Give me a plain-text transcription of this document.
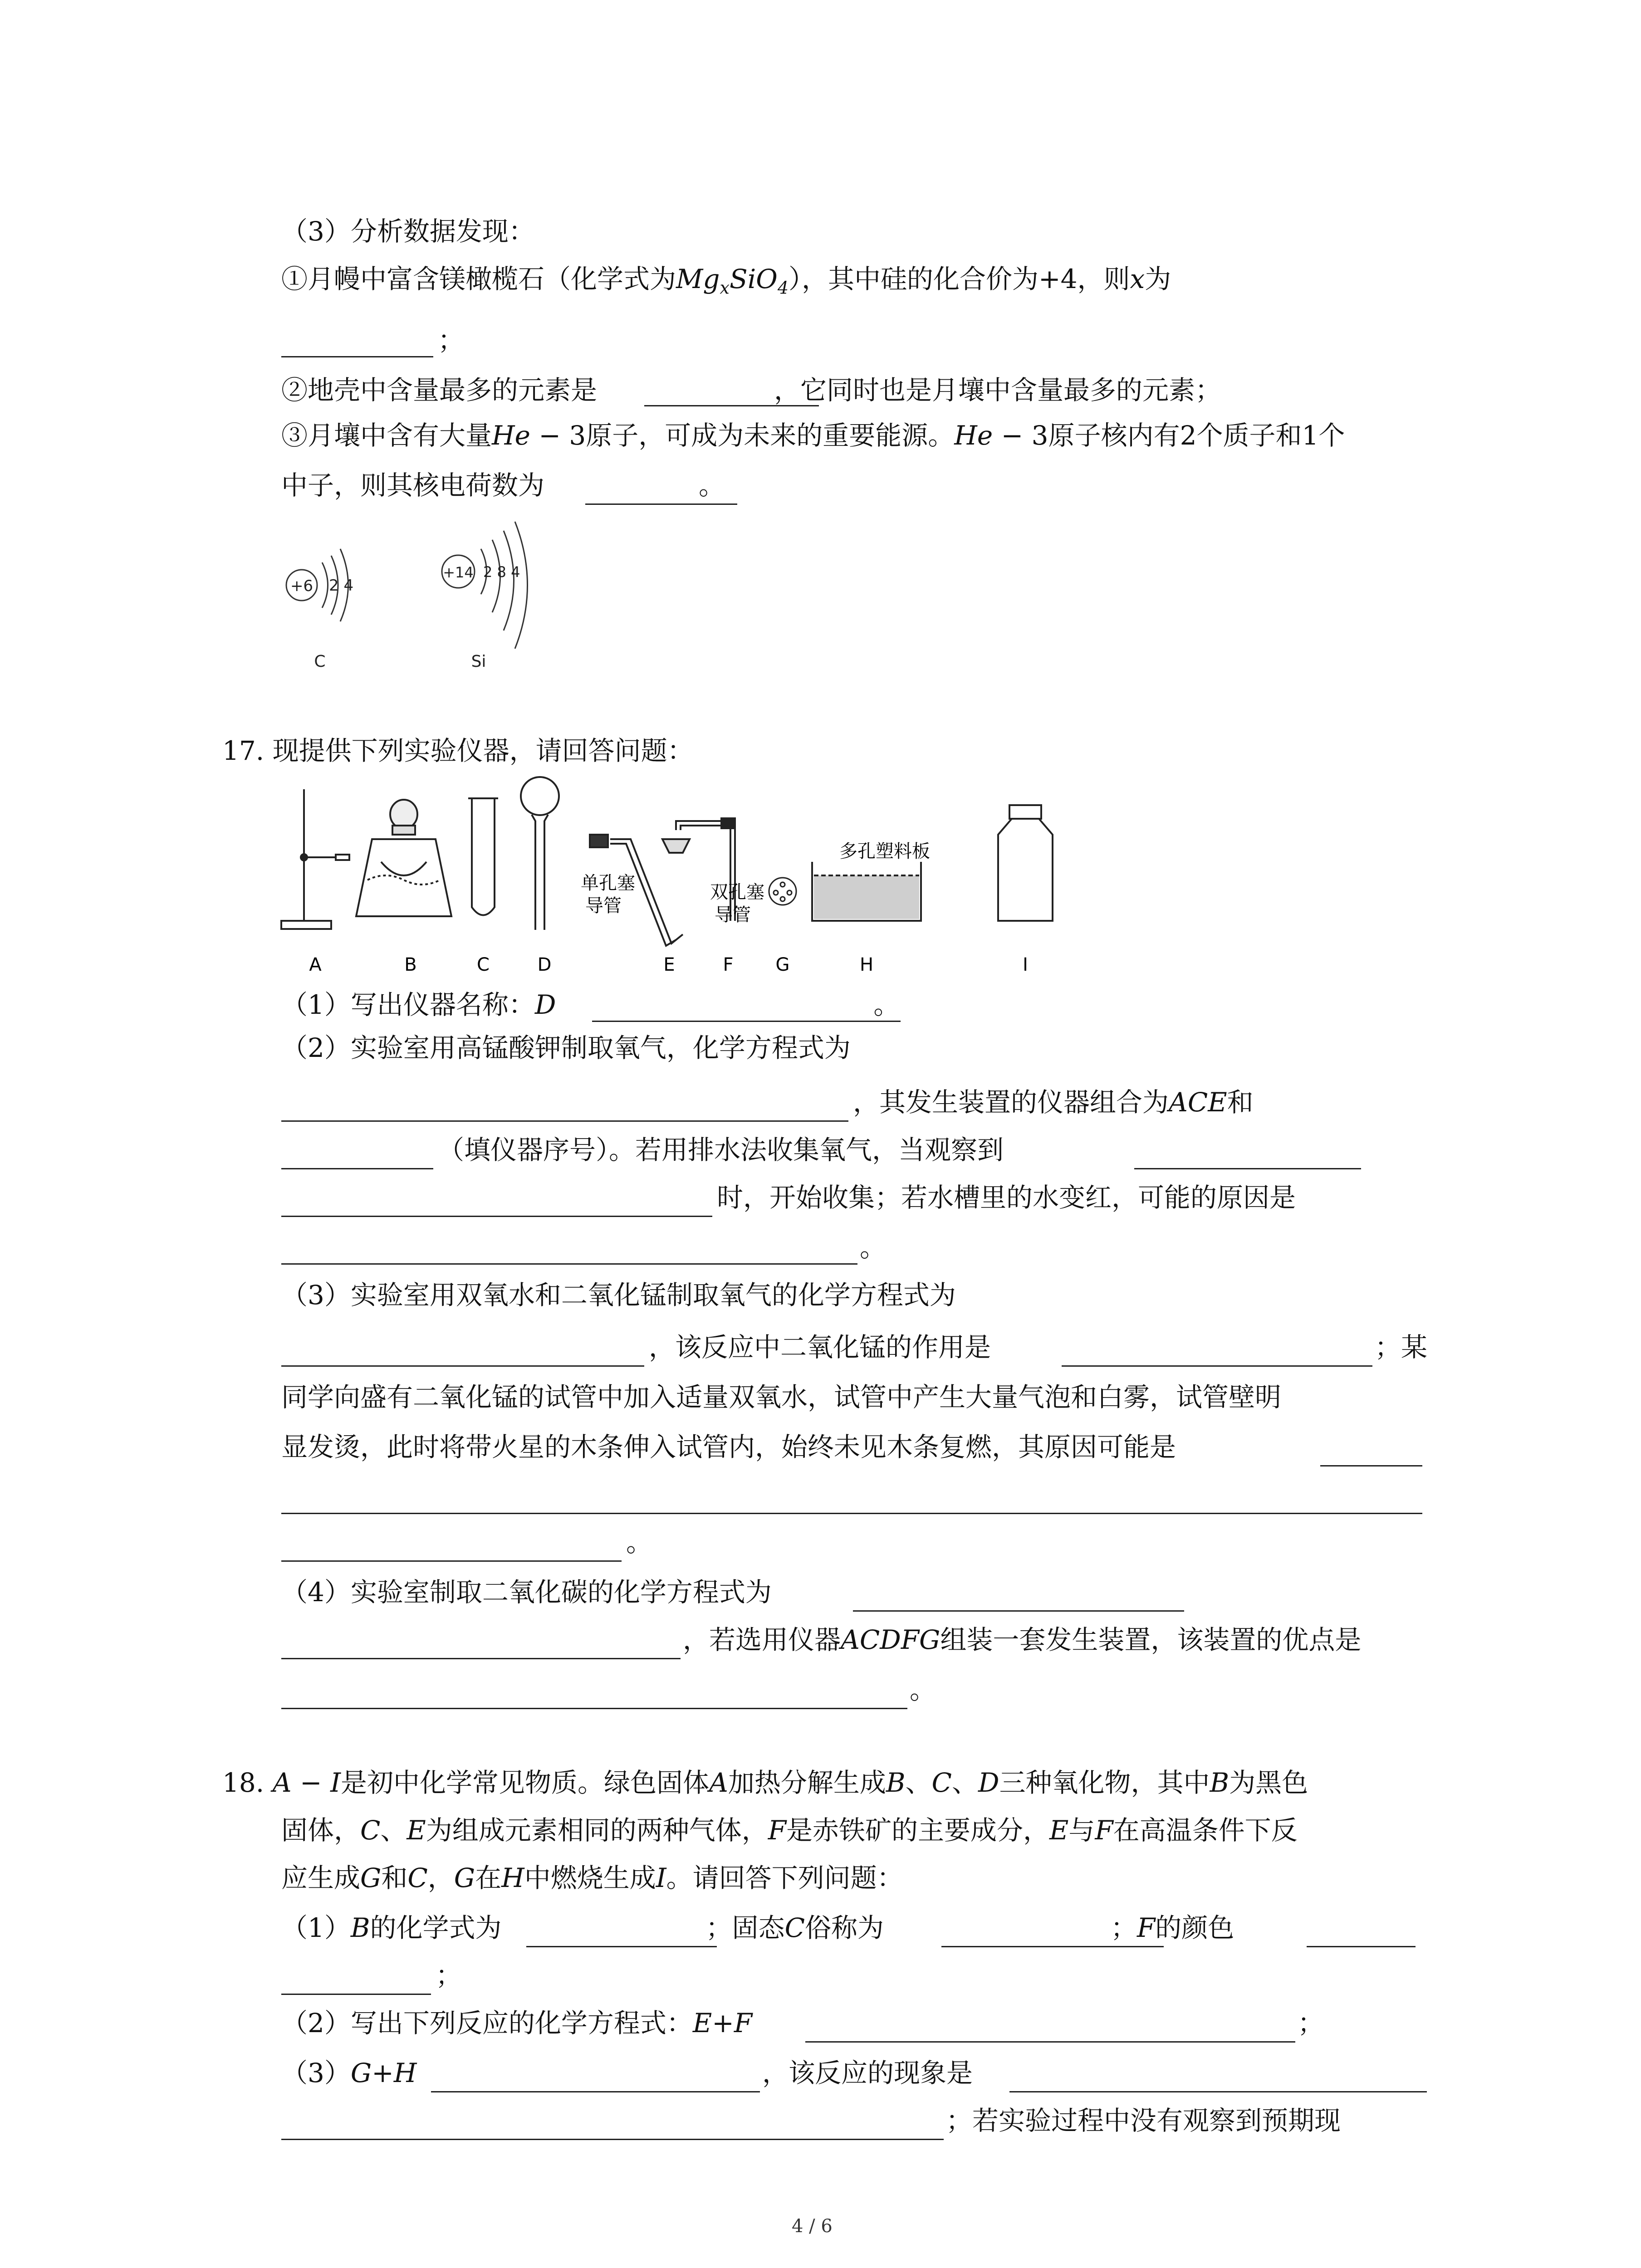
（3）分析数据发现：
①月幔中富含镁橄榄石（化学式为$Mg_xSiO_4$），其中硅的化合价为+4，则x为
；
②地壳中含量最多的元素是	，它同时也是月壤中含量最多的元素；
③月壤中含有大量He − 3原子，可成为未来的重要能源。He − 3原子核内有2个质子和1个
中子，则其核电荷数为	。
+6 2 4
C
+14 2 8 4
Si
17. 现提供下列实验仪器，请回答问题：
A	B	C	D	E	F G	H	I
单孔塞
导管
双孔塞
导管
多孔塑料板
（1）写出仪器名称：D	。
（2）实验室用高锰酸钾制取氧气，化学方程式为
，其发生装置的仪器组合为ACE和
（填仪器序号）。若用排水法收集氧气，当观察到
时，开始收集；若水槽里的水变红，可能的原因是
。
（3）实验室用双氧水和二氧化锰制取氧气的化学方程式为
，该反应中二氧化锰的作用是	；某
同学向盛有二氧化锰的试管中加入适量双氧水，试管中产生大量气泡和白雾，试管壁明
显发烫，此时将带火星的木条伸入试管内，始终未见木条复燃，其原因可能是
。
（4）实验室制取二氧化碳的化学方程式为
，若选用仪器ACDFG组装一套发生装置，该装置的优点是
。
18. A − I是初中化学常见物质。绿色固体A加热分解生成B、C、D三种氧化物，其中B为黑色
固体，C、E为组成元素相同的两种气体，F是赤铁矿的主要成分，E与F在高温条件下反
应生成G和C，G在H中燃烧生成I。请回答下列问题：
（1）B的化学式为	；固态C俗称为	；F的颜色
；
（2）写出下列反应的化学方程式：E+F	；
（3）G+H	，该反应的现象是
；若实验过程中没有观察到预期现
4 / 6
